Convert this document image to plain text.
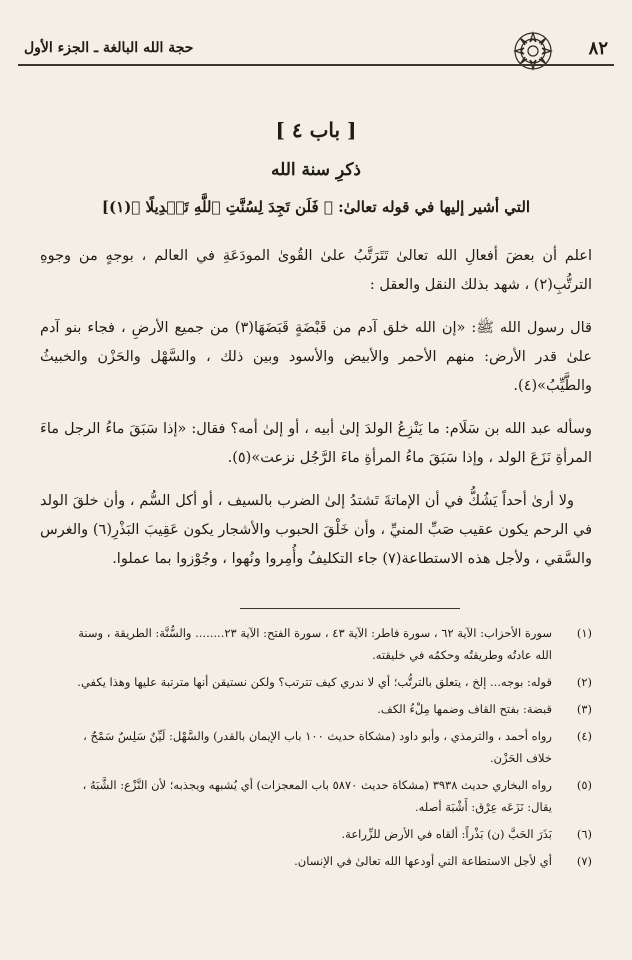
٨٢
حجة الله البالغة ـ الجزء الأول
[ باب ٤ ]
ذكرِ سنة الله
التي أشير إليها في قوله تعالىٰ: ﴿ فَلَن تَجِدَ لِسُنَّتِ ٱللَّهِ تَبۡدِيلًا ﴾(١)]

اعلم أن بعضَ أفعالِ الله تعالىٰ تَتَرَتَّبُ علىٰ القُوىٰ المودَعَةِ في العالم ، بوجهٍ من وجوهِ الترتُّبِ(٢) ، شهد بذلك النقل والعقل :

قال رسول الله ﷺ: «إن الله خلق آدم من قَبْضَةٍ قَبَضَهَا(٣) من جميع الأرضِ ، فجاء بنو آدم علىٰ قدر الأرض: منهم الأحمر والأبيض والأسود وبين ذلك ، والسَّهْل والحَزْن والخبيثُ والطَّيِّبُ»(٤).

وسأله عبد الله بن سَلَام: ما يَنْزِعُ الولدَ إلىٰ أبيه ، أو إلىٰ أمه؟ فقال: «إذا سَبَقَ ماءُ الرجل ماءَ المرأةِ نَزَعَ الولد ، وإذا سَبَقَ ماءُ المرأةِ ماءَ الرَّجُل نزعت»(٥).

ولا أرىٰ أحداً يَشُكُّ في أن الإماتةَ تَشتدُ إلىٰ الضرب بالسيف ، أو أكل السُّم ، وأن خلقَ الولد في الرحم يكون عقيب صَبِّ المنيِّ ، وأن خَلْقَ الحبوب والأشجار يكون عَقِيبَ البَذْرِ(٦) والغرس والسَّقي ، ولأجل هذه الاستطاعة(٧) جاء التكليفُ وأُمِروا ونُهوا ، وجُوْزوا بما عملوا.

(١)
سورة الأحزاب: الآية ٦٢ ، سورة فاطر: الآية ٤٣ ، سورة الفتح: الآية ٢٣........ والسُّنَّة: الطريقة ، وسنة الله عادتُه وطريقتُه وحكمُه في خليقته.
(٢)
قوله: بوجه... إلخ ، يتعلق بالترتُّب؛ أي لا ندري كيف تترتب؟ ولكن نستيقن أنها مترتبة عليها وهذا يكفي.
(٣)
قبضة: بفتح القاف وضمها مِلْءُ الكف.
(٤)
رواه أحمد ، والترمذي ، وأبو داود (مشكاة حديث ١٠٠ باب الإيمان بالقدر) والسَّهْل: لَيِّنٌ سَلِسٌ سَمْحٌ ، خلاف الحَزْن.
(٥)
رواه البخاري حديث ٣٩٣٨ (مشكاة حديث ٥٨٧٠ باب المعجزات) أي يُشبهه ويجذبه؛ لأن النَّزْع: الشَّبَهُ ، يقال: نَزَعَه عِرْق: أَشْبَهَ أصله.
(٦)
بَذَرَ الحَبَّ (ن) بَذْراً: ألقاه في الأرض للزِّراعة.
(٧)
أي لأجل الاستطاعة التي أودعها الله تعالىٰ في الإنسان.
